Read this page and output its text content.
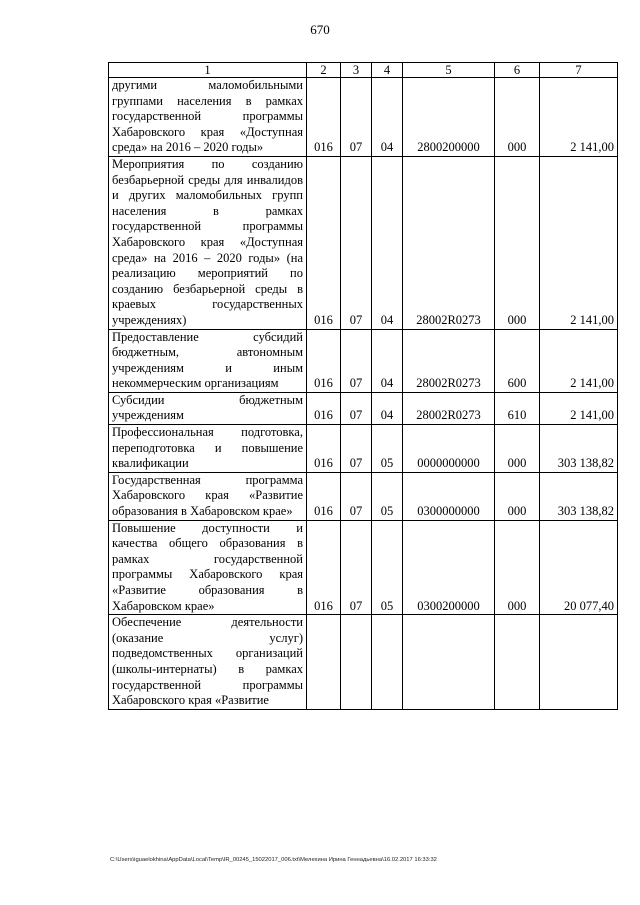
670
1	2	3	4	5	6	7
другими маломобильными группами населения в рамках государственной программы Хабаровского края «Доступная среда» на 2016 – 2020 годы»	016	07	04	2800200000	000	2 141,00
Мероприятия по созданию безбарьерной среды для инвалидов и других маломобильных групп населения в рамках государственной программы Хабаровского края «Доступная среда» на 2016 – 2020 годы» (на реализацию мероприятий по созданию безбарьерной среды в краевых государственных учреждениях)	016	07	04	28002R0273	000	2 141,00
Предоставление субсидий бюджетным, автономным учреждениям и иным некоммерческим организациям	016	07	04	28002R0273	600	2 141,00
Субсидии бюджетным учреждениям	016	07	04	28002R0273	610	2 141,00
Профессиональная подготовка, переподготовка и повышение квалификации	016	07	05	0000000000	000	303 138,82
Государственная программа Хабаровского края «Развитие образования в Хабаровском крае»	016	07	05	0300000000	000	303 138,82
Повышение доступности и качества общего образования в рамках государственной программы Хабаровского края «Развитие образования в Хабаровском крае»	016	07	05	0300200000	000	20 077,40
Обеспечение деятельности (оказание услуг) подведомственных организаций (школы-интернаты) в рамках государственной программы Хабаровского края «Развитие						
C:\Users\iguaelokhina\AppData\Local\Temp\IR_00245_15022017_006.txt\Мелехина Ирина Геннадьевна\16.02.2017 16:33:32
